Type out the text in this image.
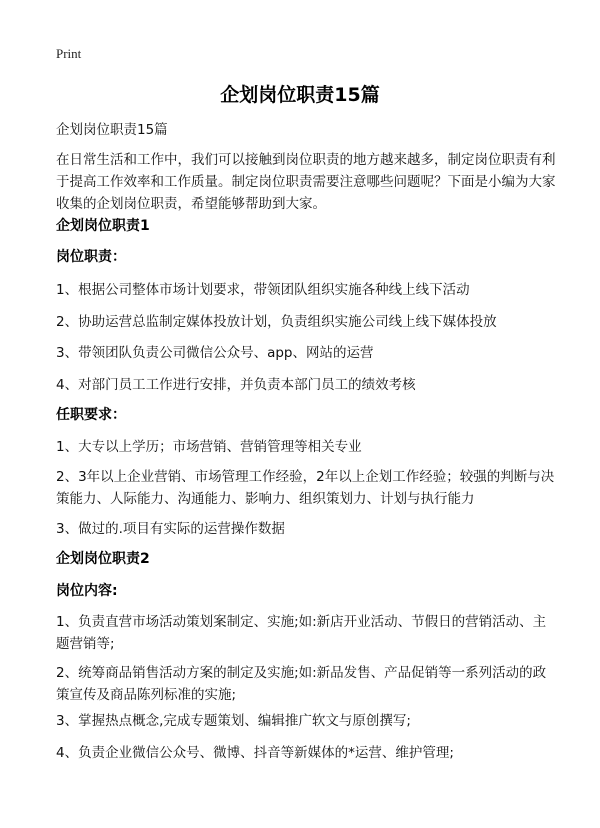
Print
企划岗位职责15篇
企划岗位职责15篇
在日常生活和工作中，我们可以接触到岗位职责的地方越来越多，制定岗位职责有利于提高工作效率和工作质量。制定岗位职责需要注意哪些问题呢？下面是小编为大家收集的企划岗位职责，希望能够帮助到大家。
企划岗位职责1
岗位职责：
1、根据公司整体市场计划要求，带领团队组织实施各种线上线下活动
2、协助运营总监制定媒体投放计划，负责组织实施公司线上线下媒体投放
3、带领团队负责公司微信公众号、app、网站的运营
4、对部门员工工作进行安排，并负责本部门员工的绩效考核
任职要求：
1、大专以上学历；市场营销、营销管理等相关专业
2、3年以上企业营销、市场管理工作经验，2年以上企划工作经验；较强的判断与决策能力、人际能力、沟通能力、影响力、组织策划力、计划与执行能力
3、做过的.项目有实际的运营操作数据
企划岗位职责2
岗位内容:
1、负责直营市场活动策划案制定、实施;如:新店开业活动、节假日的营销活动、主题营销等;
2、统筹商品销售活动方案的制定及实施;如:新品发售、产品促销等一系列活动的政策宣传及商品陈列标准的实施;
3、掌握热点概念,完成专题策划、编辑推广软文与原创撰写;
4、负责企业微信公众号、微博、抖音等新媒体的*运营、维护管理;
